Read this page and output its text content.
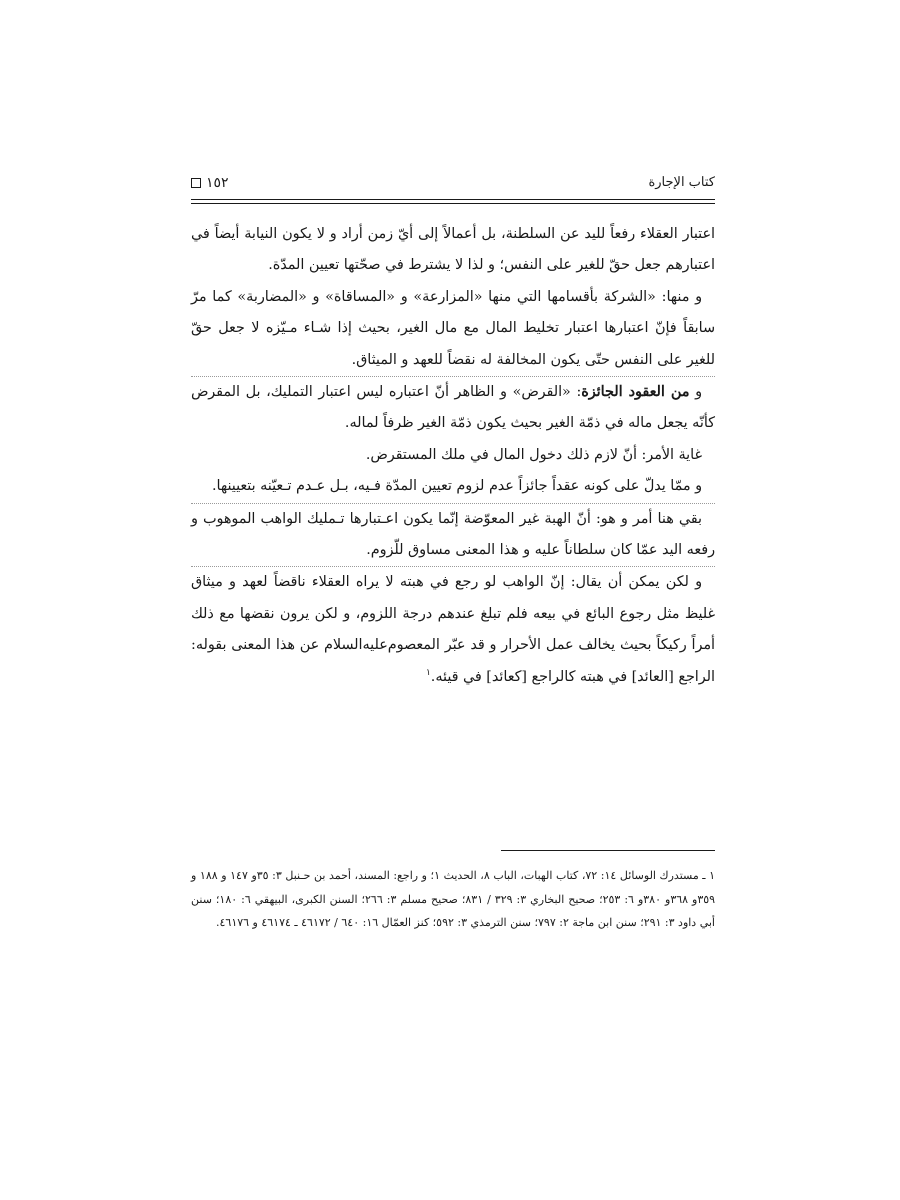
كتاب الإجارة
١٥٢

اعتبار العقلاء رفعاً لليد عن السلطنة، بل أعمالاً إلى أيّ زمن أراد و لا يكون النيابة أيضاً في اعتبارهم جعل حقّ للغير على النفس؛ و لذا لا يشترط في صحّتها تعيين المدّة.

و منها: «الشركة بأقسامها التي منها «المزارعة» و «المساقاة» و «المضاربة» كما مرّ سابقاً فإنّ اعتبارها اعتبار تخليط المال مع مال الغير، بحيث إذا شـاء مـيّزه لا جعل حقّ للغير على النفس حتّى يكون المخالفة له نقضاً للعهد و الميثاق.

و من العقود الجائزة: «القرض» و الظاهر أنّ اعتباره ليس اعتبار التمليك، بل المقرض كأنّه يجعل ماله في ذمّة الغير بحيث يكون ذمّة الغير ظرفاً لماله.

غاية الأمر: أنّ لازم ذلك دخول المال في ملك المستقرض.

و ممّا يدلّ على كونه عقداً جائزاً عدم لزوم تعيين المدّة فـيه، بـل عـدم تـعيّنه بتعيينها.

بقي هنا أمر و هو: أنّ الهبة غير المعوّضة إنّما يكون اعـتبارها تـمليك الواهب الموهوب و رفعه اليد عمّا كان سلطاناً عليه و هذا المعنى مساوق للّزوم.

و لكن يمكن أن يقال: إنّ الواهب لو رجع في هبته لا يراه العقلاء ناقضاً لعهد و ميثاق غليظ مثل رجوع البائع في بيعه فلم تبلغ عندهم درجة اللزوم، و لكن يرون نقضها مع ذلك أمراً ركيكاً بحيث يخالف عمل الأحرار و قد عبّر المعصوم‌عليه‌السلام عن هذا المعنى بقوله: الراجع [العائد] في هبته كالراجع [كعائد] في قيئه.$^١$

١ ـ مستدرك الوسائل ١٤: ٧٢، كتاب الهبات، الباب ٨، الحديث ١؛ و راجع: المسند، أحمد بن حـنبل ٣: ٣٥و ١٤٧ و ١٨٨ و ٣٥٩و ٣٦٨و ٣٨٠و ٦: ٢٥٣؛ صحيح البخاري ٣: ٣٢٩ / ٨٣١؛ صحيح مسلم ٣: ٢٦٦؛ السنن الكبرى، البيهقي ٦: ١٨٠؛ سنن أبي داود ٣: ٢٩١؛ سنن ابن ماجة ٢: ٧٩٧؛ سنن الترمذي ٣: ٥٩٢؛ كنز العمّال ١٦: ٦٤٠ / ٤٦١٧٢ ـ ٤٦١٧٤ و ٤٦١٧٦.
